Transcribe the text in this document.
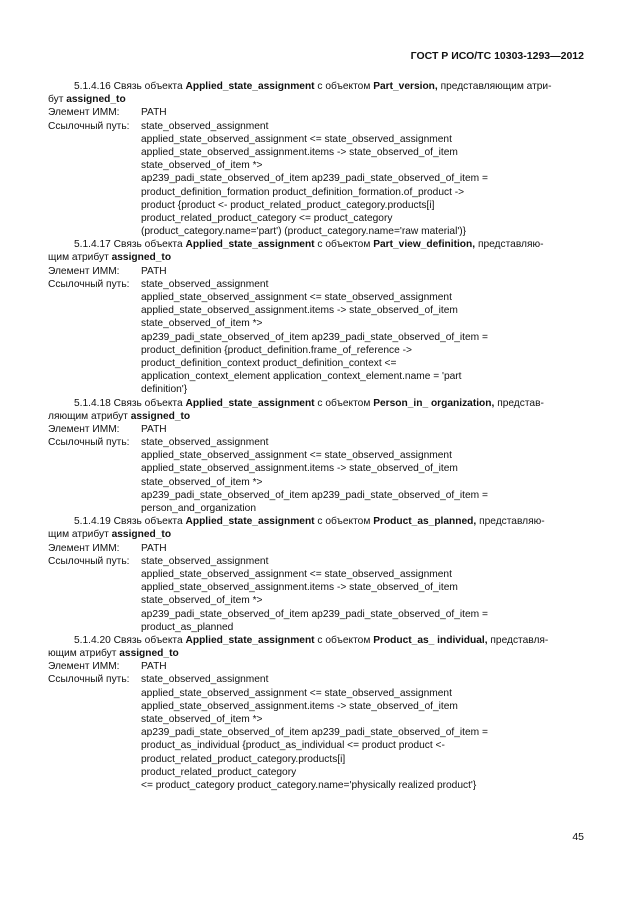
ГОСТ Р ИСО/ТС 10303-1293—2012
5.1.4.16 Связь объекта Applied_state_assignment с объектом Part_version, представляющим атри-
бут assigned_to
Элемент ИММ: PATH
Ссылочный путь: state_observed_assignment
applied_state_observed_assignment <= state_observed_assignment
applied_state_observed_assignment.items -> state_observed_of_item
state_observed_of_item *>
ap239_padi_state_observed_of_item ap239_padi_state_observed_of_item =
product_definition_formation product_definition_formation.of_product ->
product {product <- product_related_product_category.products[i]
product_related_product_category <= product_category
(product_category.name='part') (product_category.name='raw material')}
5.1.4.17 Связь объекта Applied_state_assignment с объектом Part_view_definition, представляю-
щим атрибут assigned_to
Элемент ИММ: PATH
Ссылочный путь: state_observed_assignment
applied_state_observed_assignment <= state_observed_assignment
applied_state_observed_assignment.items -> state_observed_of_item
state_observed_of_item *>
ap239_padi_state_observed_of_item ap239_padi_state_observed_of_item =
product_definition {product_definition.frame_of_reference ->
product_definition_context product_definition_context <=
application_context_element application_context_element.name = 'part
definition'}
5.1.4.18 Связь объекта Applied_state_assignment с объектом Person_in_ organization, представ-
ляющим атрибут assigned_to
Элемент ИММ: PATH
Ссылочный путь: state_observed_assignment
applied_state_observed_assignment <= state_observed_assignment
applied_state_observed_assignment.items -> state_observed_of_item
state_observed_of_item *>
ap239_padi_state_observed_of_item ap239_padi_state_observed_of_item =
person_and_organization
5.1.4.19 Связь объекта Applied_state_assignment с объектом Product_as_planned, представляю-
щим атрибут assigned_to
Элемент ИММ: PATH
Ссылочный путь: state_observed_assignment
applied_state_observed_assignment <= state_observed_assignment
applied_state_observed_assignment.items -> state_observed_of_item
state_observed_of_item *>
ap239_padi_state_observed_of_item ap239_padi_state_observed_of_item =
product_as_planned
5.1.4.20 Связь объекта Applied_state_assignment с объектом Product_as_ individual, представля-
ющим атрибут assigned_to
Элемент ИММ: PATH
Ссылочный путь: state_observed_assignment
applied_state_observed_assignment <= state_observed_assignment
applied_state_observed_assignment.items -> state_observed_of_item
state_observed_of_item *>
ap239_padi_state_observed_of_item ap239_padi_state_observed_of_item =
product_as_individual {product_as_individual <= product product <-
product_related_product_category.products[i]
product_related_product_category
<= product_category product_category.name='physically realized product'}
45
